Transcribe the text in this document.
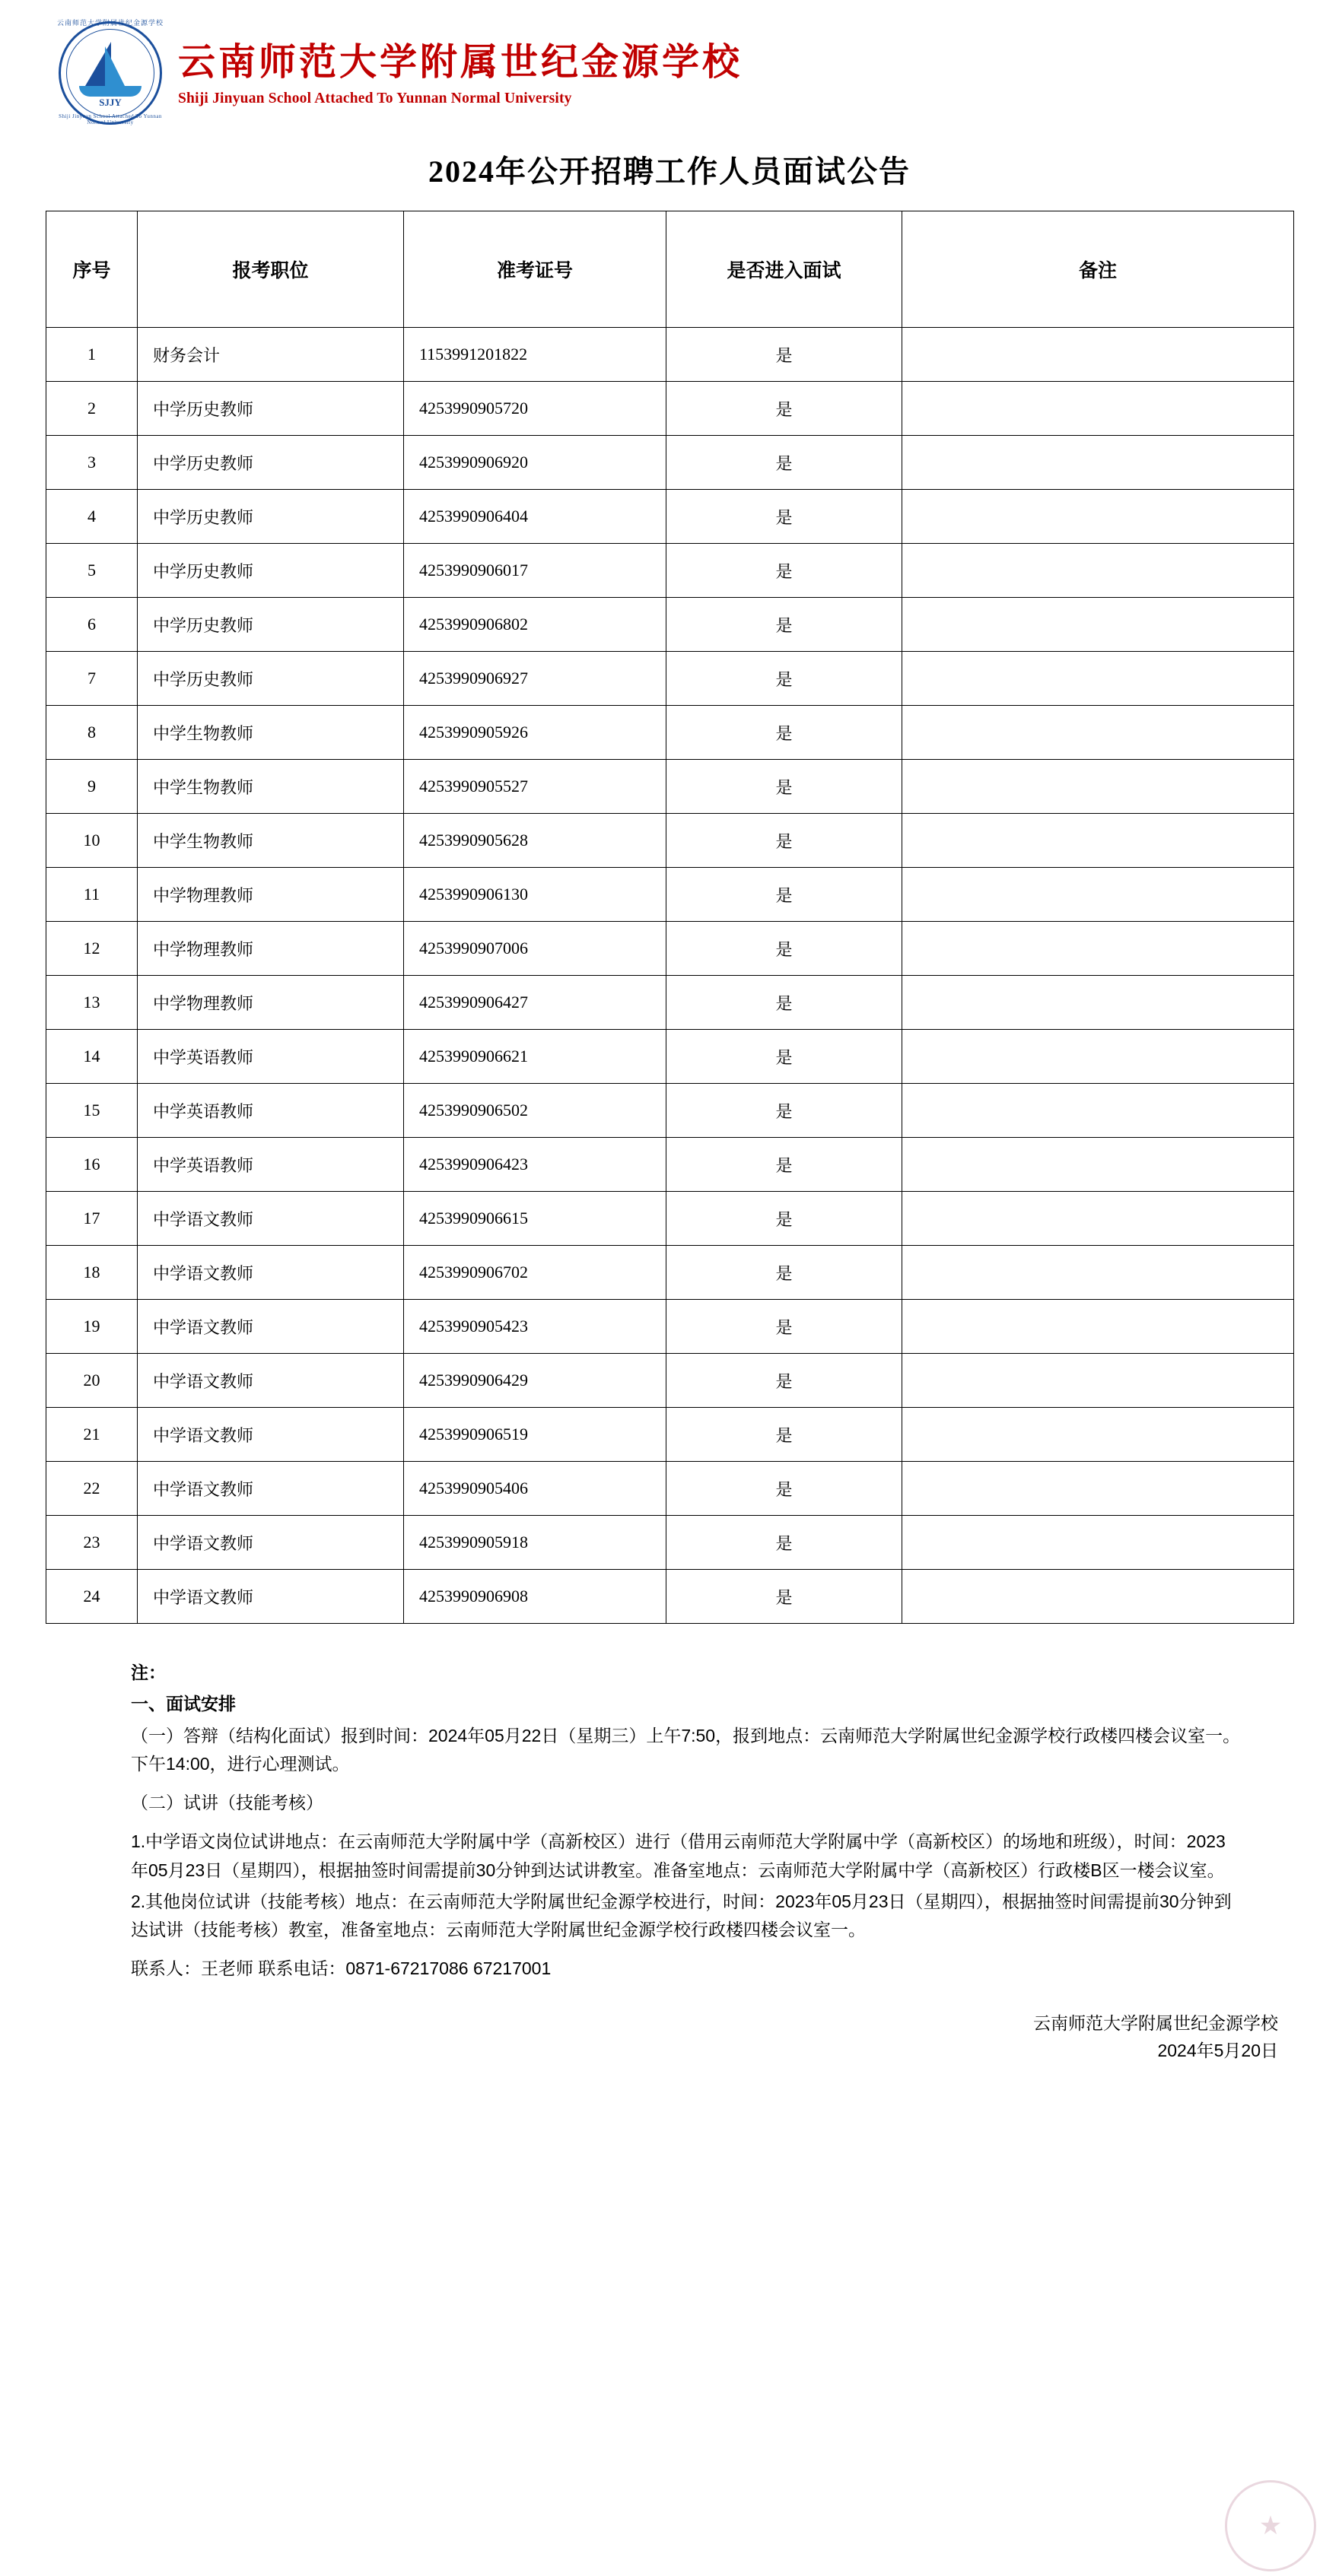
云南师范大学附属世纪金源学校
SJJY
Shiji Jinyuan School Attached To Yunnan Normal University
云南师范大学附属世纪金源学校
Shiji Jinyuan School Attached To Yunnan Normal University
2024年公开招聘工作人员面试公告
序号	报考职位	准考证号	是否进入面试	备注
1	财务会计	1153991201822	是	
2	中学历史教师	4253990905720	是	
3	中学历史教师	4253990906920	是	
4	中学历史教师	4253990906404	是	
5	中学历史教师	4253990906017	是	
6	中学历史教师	4253990906802	是	
7	中学历史教师	4253990906927	是	
8	中学生物教师	4253990905926	是	
9	中学生物教师	4253990905527	是	
10	中学生物教师	4253990905628	是	
11	中学物理教师	4253990906130	是	
12	中学物理教师	4253990907006	是	
13	中学物理教师	4253990906427	是	
14	中学英语教师	4253990906621	是	
15	中学英语教师	4253990906502	是	
16	中学英语教师	4253990906423	是	
17	中学语文教师	4253990906615	是	
18	中学语文教师	4253990906702	是	
19	中学语文教师	4253990905423	是	
20	中学语文教师	4253990906429	是	
21	中学语文教师	4253990906519	是	
22	中学语文教师	4253990905406	是	
23	中学语文教师	4253990905918	是	
24	中学语文教师	4253990906908	是	

注：

一、面试安排

（一）答辩（结构化面试）报到时间：2024年05月22日（星期三）上午7:50，报到地点：云南师范大学附属世纪金源学校行政楼四楼会议室一。下午14:00，进行心理测试。

（二）试讲（技能考核）

1.中学语文岗位试讲地点：在云南师范大学附属中学（高新校区）进行（借用云南师范大学附属中学（高新校区）的场地和班级），时间：2023年05月23日（星期四），根据抽签时间需提前30分钟到达试讲教室。准备室地点：云南师范大学附属中学（高新校区）行政楼B区一楼会议室。

2.其他岗位试讲（技能考核）地点：在云南师范大学附属世纪金源学校进行，时间：2023年05月23日（星期四），根据抽签时间需提前30分钟到达试讲（技能考核）教室，准备室地点：云南师范大学附属世纪金源学校行政楼四楼会议室一。

联系人：王老师 联系电话：0871-67217086 67217001

云南师范大学附属世纪金源学校
2024年5月20日
★
